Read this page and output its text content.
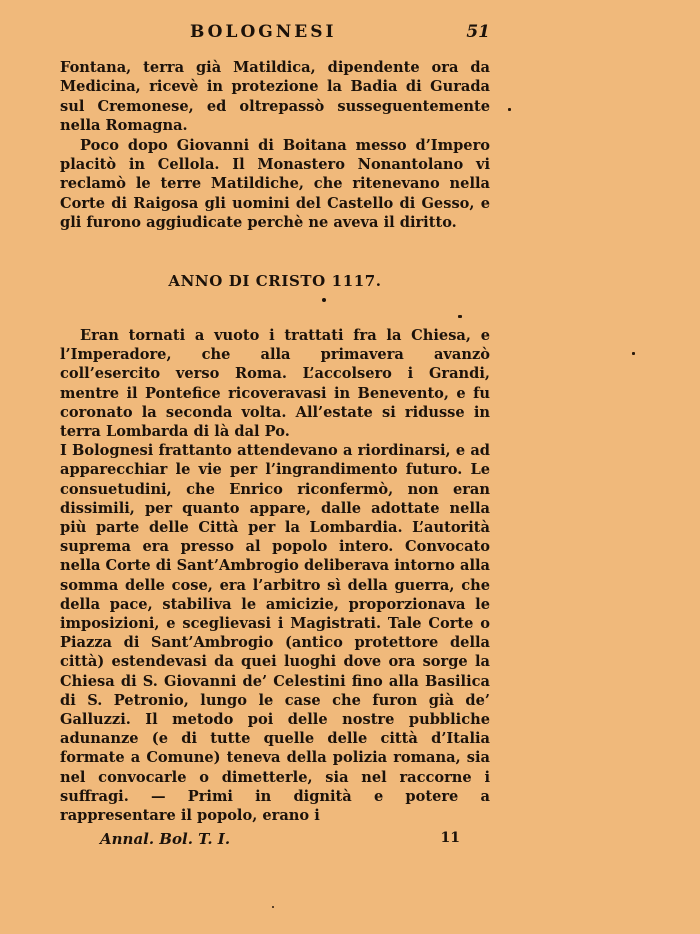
BOLOGNESI	51

Fontana, terra già Matildica, dipendente ora da Medicina, ricevè in protezione la Badia di Gurada sul Cremonese, ed oltrepassò susseguentemente nella Romagna.

Poco dopo Giovanni di Boitana messo d’Impero placitò in Cellola. Il Monastero Nonantolano vi reclamò le terre Matildiche, che ritenevano nella Corte di Raigosa gli uomini del Castello di Gesso, e gli furono aggiudicate perchè ne aveva il diritto.

ANNO DI CRISTO 1117.

Eran tornati a vuoto i trattati fra la Chiesa, e l’Imperadore, che alla primavera avanzò coll’esercito verso Roma. L’accolsero i Grandi, mentre il Pontefice ricoveravasi in Benevento, e fu coronato la seconda volta. All’estate si ridusse in terra Lombarda di là dal Po.

I Bolognesi frattanto attendevano a riordinarsi, e ad apparecchiar le vie per l’ingrandimento futuro. Le consuetudini, che Enrico riconfermò, non eran dissimili, per quanto appare, dalle adottate nella più parte delle Città per la Lombardia. L’autorità suprema era presso al popolo intero. Convocato nella Corte di Sant’Ambrogio deliberava intorno alla somma delle cose, era l’arbitro sì della guerra, che della pace, stabiliva le amicizie, proporzionava le imposizioni, e sceglievasi i Magistrati. Tale Corte o Piazza di Sant’Ambrogio (antico protettore della città) estendevasi da quei luoghi dove ora sorge la Chiesa di S. Giovanni de’ Celestini fino alla Basilica di S. Petronio, lungo le case che furon già de’ Galluzzi. Il metodo poi delle nostre pubbliche adunanze (e di tutte quelle delle città d’Italia formate a Comune) teneva della polizia romana, sia nel convocarle o dimetterle, sia nel raccorne i suffragi. — Primi in dignità e potere a rappresentare il popolo, erano i

Annal. Bol. T. I.	11
